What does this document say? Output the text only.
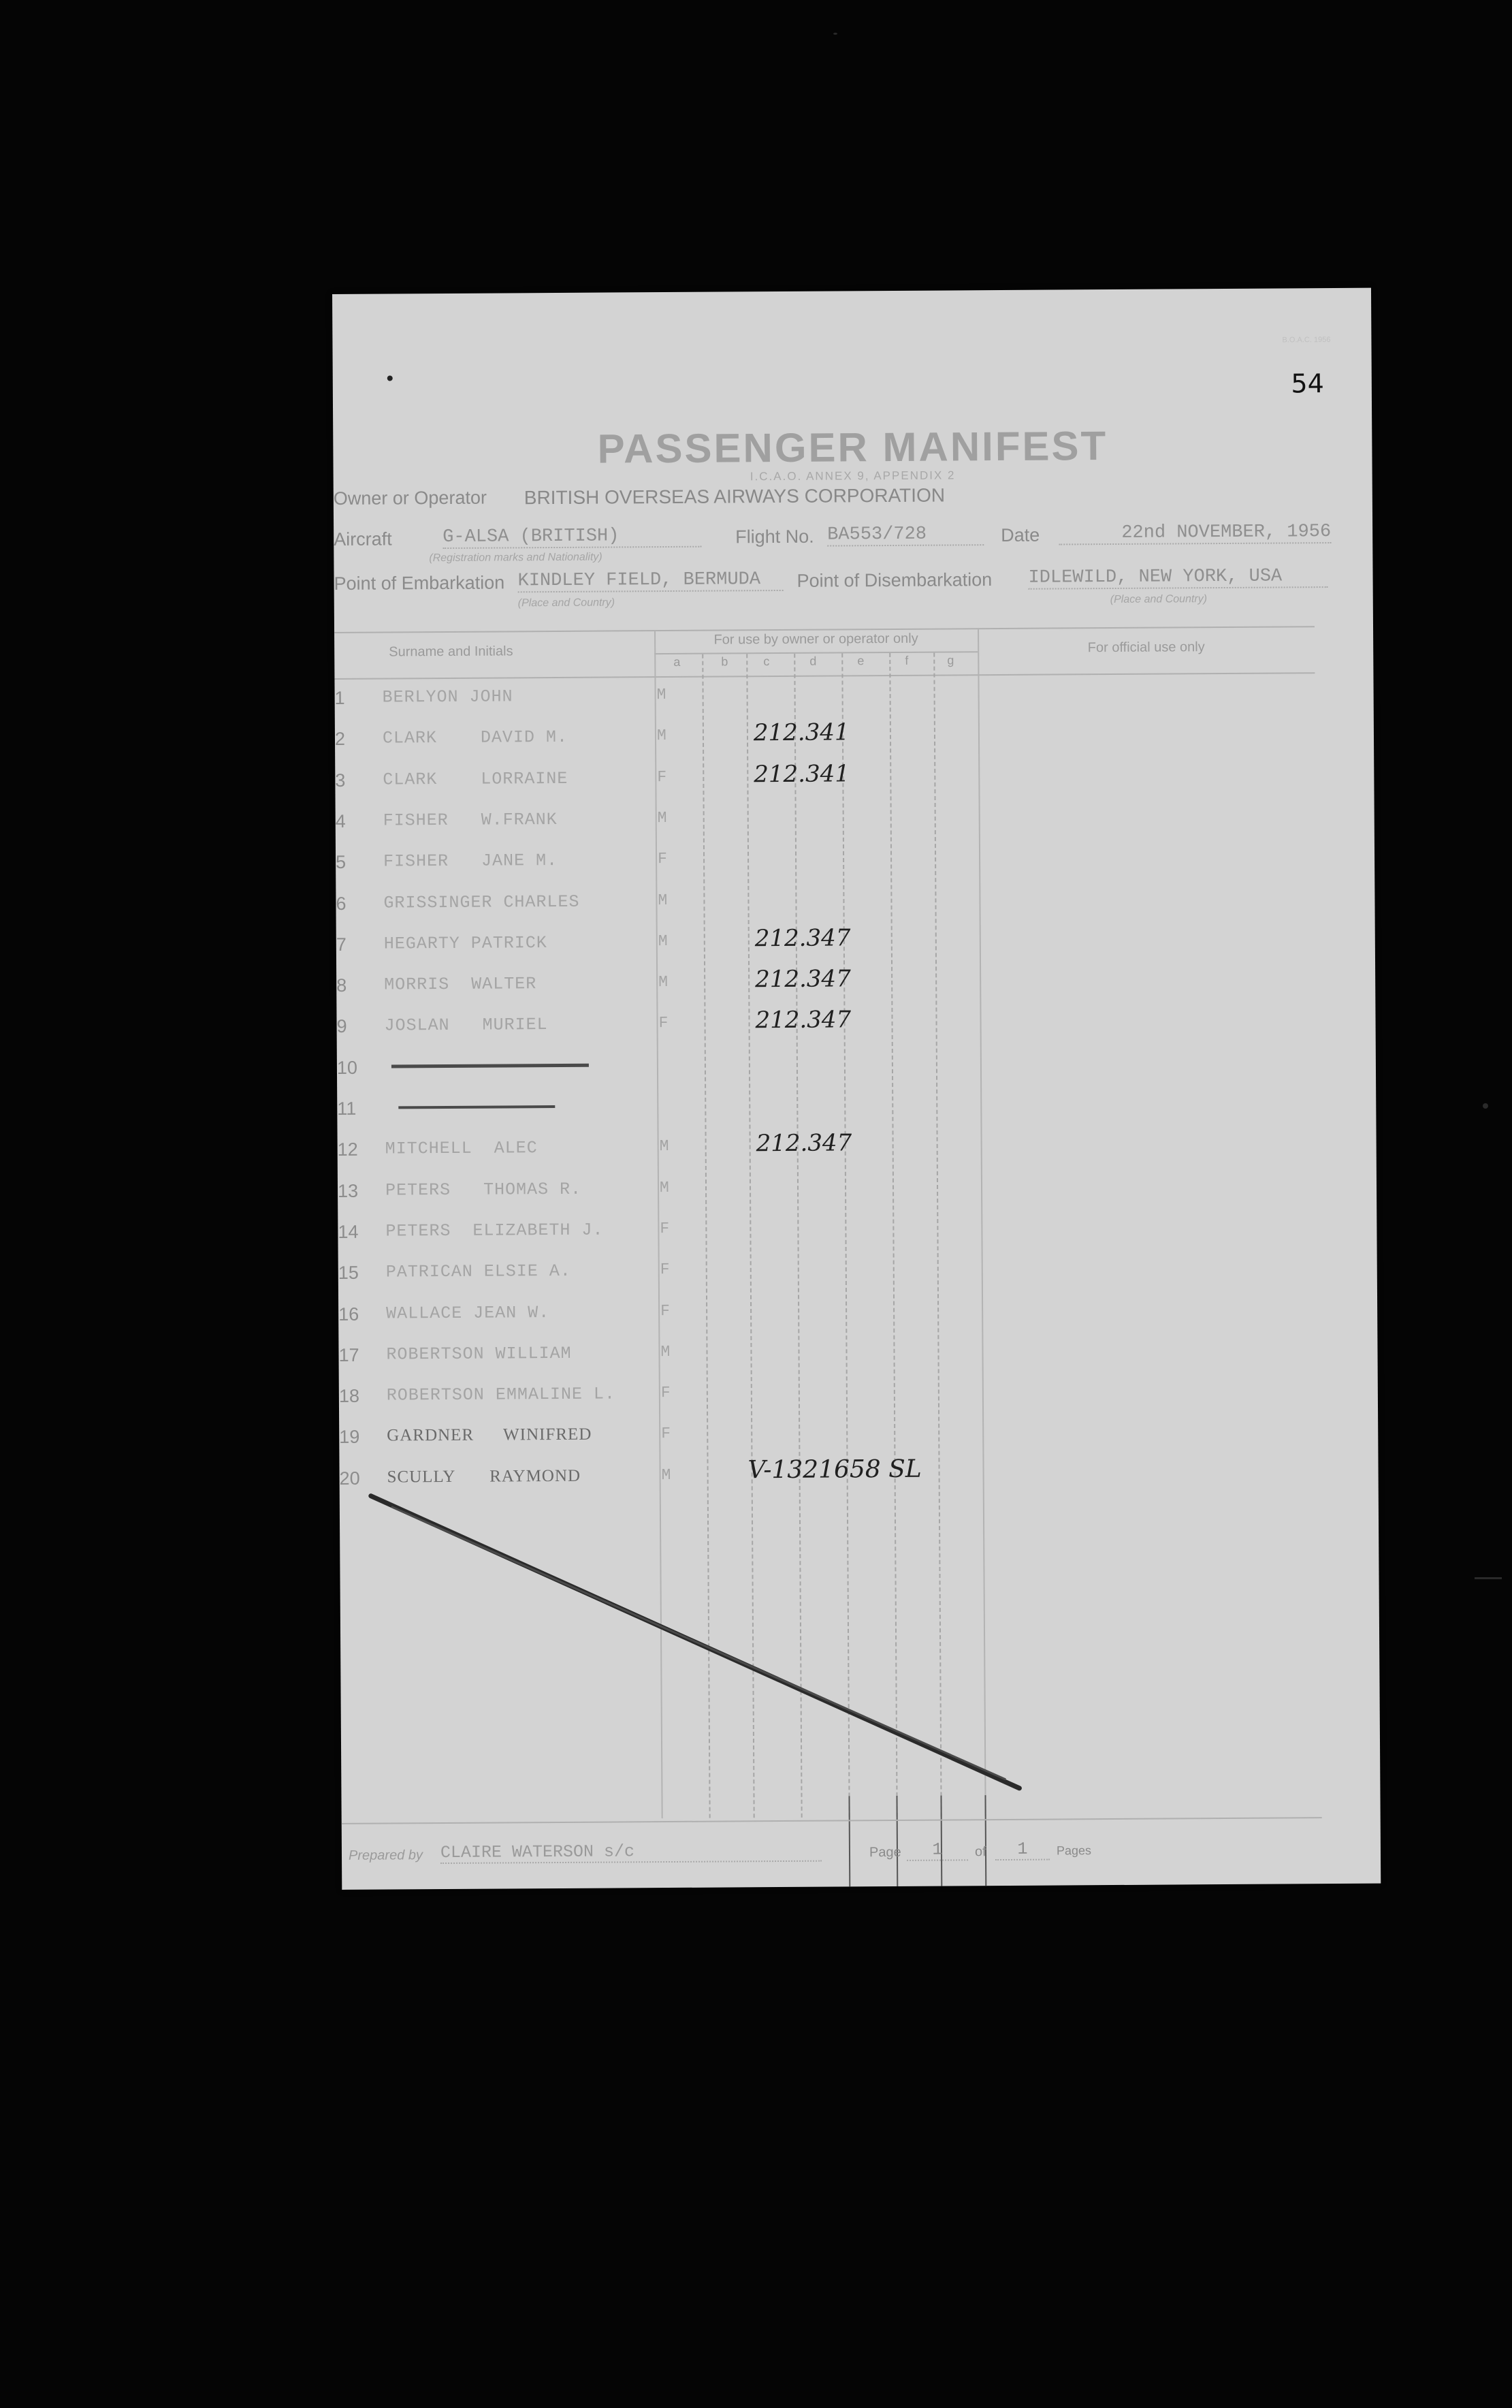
B.O.A.C. 1956
54
PASSENGER MANIFEST
I.C.A.O. ANNEX 9, APPENDIX 2
Owner or Operator BRITISH OVERSEAS AIRWAYS CORPORATION
Aircraft	G-ALSA (BRITISH)
(Registration marks and Nationality)
Flight No. BA553/728	Date	22nd NOVEMBER, 1956
Point of Embarkation KINDLEY FIELD, BERMUDA
(Place and Country)
Point of Disembarkation IDLEWILD, NEW YORK, USA
(Place and Country)
Surname and Initials
For use by owner or operator only
For official use only
a	b	c	d	e	f	g
1 BERLYON JOHN	M
2 CLARK    DAVID M.	M	212.341
3 CLARK    LORRAINE	F	212.341
4 FISHER   W.FRANK	M
5 FISHER   JANE M.	F
6 GRISSINGER CHARLES	M
7 HEGARTY PATRICK	M	212.347
8 MORRIS  WALTER	M	212.347
9 JOSLAN   MURIEL	F	212.347
10
11
12 MITCHELL  ALEC	M	212.347
13 PETERS   THOMAS R.	M
14 PETERS  ELIZABETH J.	F
15 PATRICAN ELSIE A.	F
16 WALLACE JEAN W.	F
17 ROBERTSON WILLIAM	M
18 ROBERTSON EMMALINE L.	F
19 GARDNER      WINIFRED	F
20 SCULLY       RAYMOND	M	V-1321658 SL
Prepared by CLAIRE WATERSON s/c	Page	1	of	1	Pages
